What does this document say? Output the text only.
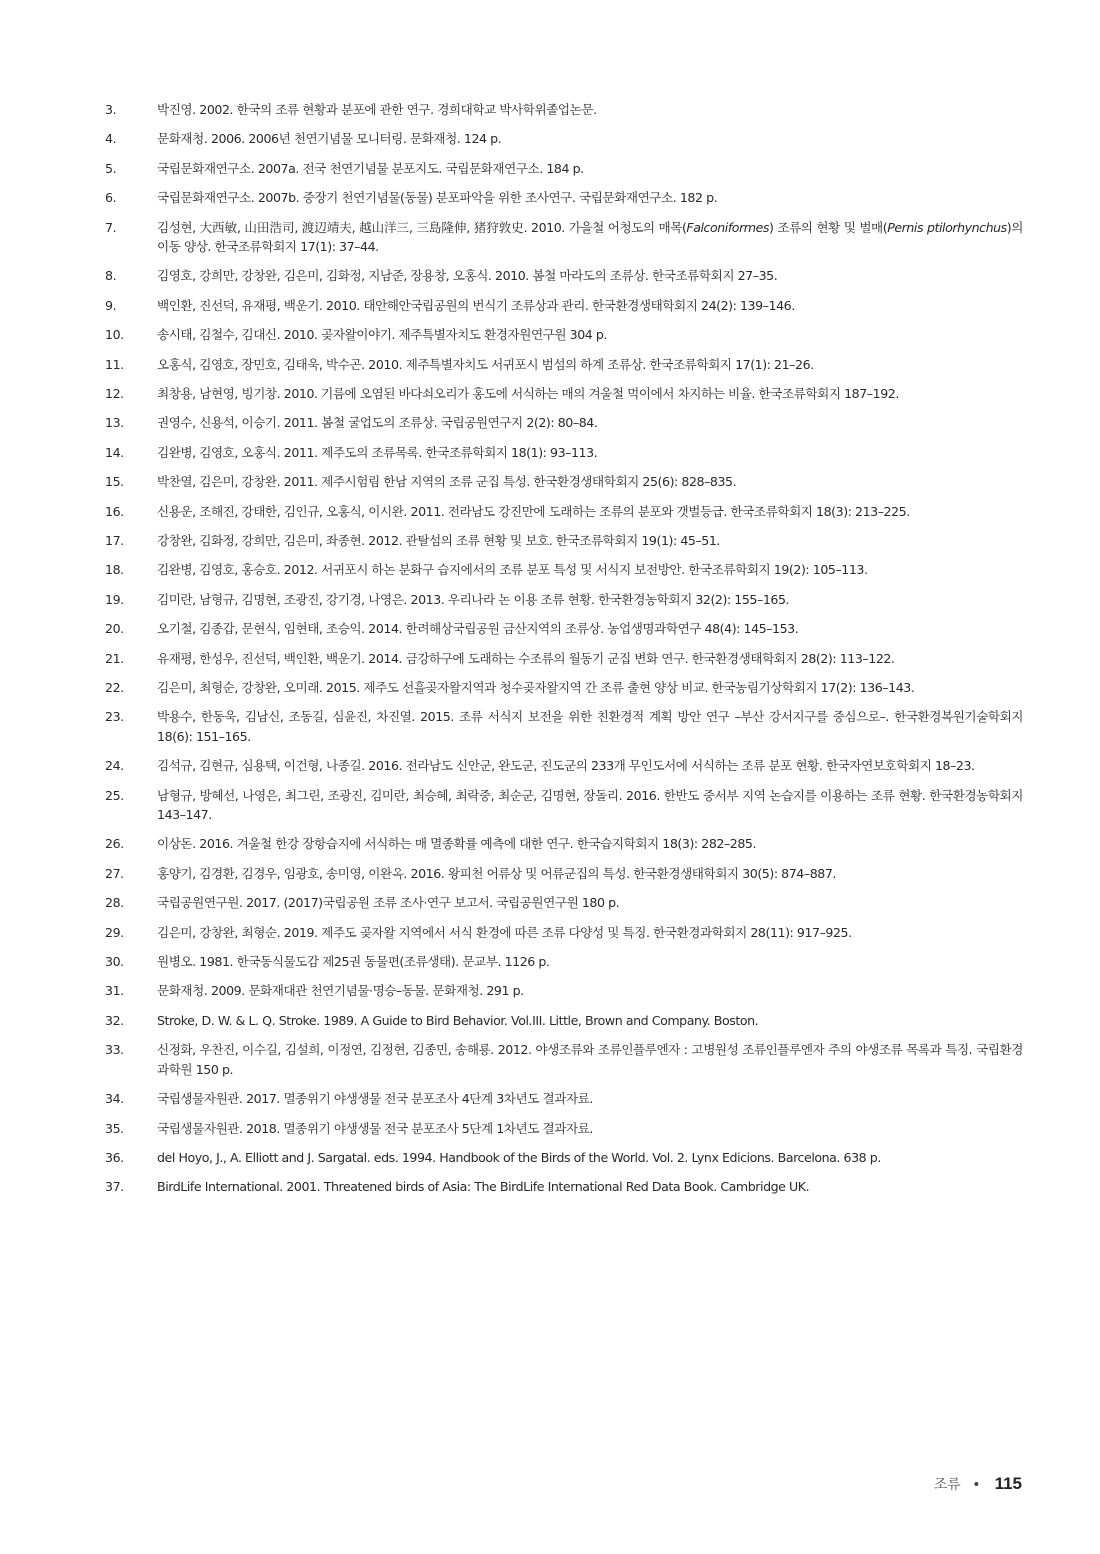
3.	박진영. 2002. 한국의 조류 현황과 분포에 관한 연구. 경희대학교 박사학위졸업논문.
4.	문화재청. 2006. 2006년 천연기념물 모니터링. 문화재청. 124 p.
5.	국립문화재연구소. 2007a. 전국 천연기념물 분포지도. 국립문화재연구소. 184 p.
6.	국립문화재연구소. 2007b. 중장기 천연기념물(동물) 분포파악을 위한 조사연구. 국립문화재연구소. 182 p.
7.	김성현, 大西敏, 山田浩司, 渡辺靖夫, 越山洋三, 三島隆伸, 猪狩敦史. 2010. 가을철 어청도의 매목(Falconiformes) 조류의 현황 및 벌매(Pernis ptilorhynchus)의 이동 양상. 한국조류학회지 17(1): 37–44.
8.	김영호, 강희만, 강창완, 김은미, 김화정, 지남준, 장용창, 오홍식. 2010. 봄철 마라도의 조류상. 한국조류학회지 27–35.
9.	백인환, 진선덕, 유재평, 백운기. 2010. 태안해안국립공원의 번식기 조류상과 관리. 한국환경생태학회지 24(2): 139–146.
10.	송시태, 김철수, 김대신. 2010. 곶자왈이야기. 제주특별자치도 환경자원연구원 304 p.
11.	오홍식, 김영호, 장민호, 김태욱, 박수곤. 2010. 제주특별자치도 서귀포시 범섬의 하계 조류상. 한국조류학회지 17(1): 21–26.
12.	최창용, 남현영, 빙기창. 2010. 기름에 오염된 바다쇠오리가 홍도에 서식하는 매의 겨울철 먹이에서 차지하는 비율. 한국조류학회지 187–192.
13.	권영수, 신용석, 이승기. 2011. 봄철 굴업도의 조류상. 국립공원연구지 2(2): 80–84.
14.	김완병, 김영호, 오홍식. 2011. 제주도의 조류목록. 한국조류학회지 18(1): 93–113.
15.	박찬열, 김은미, 강창완. 2011. 제주시험림 한남 지역의 조류 군집 특성. 한국환경생태학회지 25(6): 828–835.
16.	신용운, 조해진, 강태한, 김인규, 오홍식, 이시완. 2011. 전라남도 강진만에 도래하는 조류의 분포와 갯벌등급. 한국조류학회지 18(3): 213–225.
17.	강창완, 김화정, 강희만, 김은미, 좌종현. 2012. 관탈섬의 조류 현황 및 보호. 한국조류학회지 19(1): 45–51.
18.	김완병, 김영호, 홍승호. 2012. 서귀포시 하논 분화구 습지에서의 조류 분포 특성 및 서식지 보전방안. 한국조류학회지 19(2): 105–113.
19.	김미란, 남형규, 김명현, 조광진, 강기경, 나영은. 2013. 우리나라 논 이용 조류 현황. 한국환경농학회지 32(2): 155–165.
20.	오기철, 김종갑, 문현식, 임현태, 조승익. 2014. 한려해상국립공원 금산지역의 조류상. 농업생명과학연구 48(4): 145–153.
21.	유재평, 한성우, 진선덕, 백인환, 백운기. 2014. 금강하구에 도래하는 수조류의 월동기 군집 변화 연구. 한국환경생태학회지 28(2): 113–122.
22.	김은미, 최형순, 강창완, 오미래. 2015. 제주도 선흘곶자왈지역과 청수곶자왈지역 간 조류 출현 양상 비교. 한국농림기상학회지 17(2): 136–143.
23.	박용수, 한동욱, 김남신, 조동길, 심윤진, 차진열. 2015. 조류 서식지 보전을 위한 친환경적 계획 방안 연구 –부산 강서지구를 중심으로–. 한국환경복원기술학회지 18(6): 151–165.
24.	김석규, 김현규, 심용택, 이건형, 나종길. 2016. 전라남도 신안군, 완도군, 진도군의 233개 무인도서에 서식하는 조류 분포 현황. 한국자연보호학회지 18–23.
25.	남형규, 방혜선, 나영은, 최그린, 조광진, 김미란, 최승혜, 최락중, 최순군, 김명현, 장돌리. 2016. 한반도 중서부 지역 논습지를 이용하는 조류 현황. 한국환경농학회지 143–147.
26.	이상돈. 2016. 겨울철 한강 장항습지에 서식하는 매 멸종확률 예측에 대한 연구. 한국습지학회지 18(3): 282–285.
27.	홍양기, 김경환, 김경우, 임광호, 송미영, 이완옥. 2016. 왕피천 어류상 및 어류군집의 특성. 한국환경생태학회지 30(5): 874–887.
28.	국립공원연구원. 2017. (2017)국립공원 조류 조사·연구 보고서. 국립공원연구원 180 p.
29.	김은미, 강창완, 최형순. 2019. 제주도 곶자왈 지역에서 서식 환경에 따른 조류 다양성 및 특징. 한국환경과학회지 28(11): 917–925.
30.	원병오. 1981. 한국동식물도감 제25권 동물편(조류생태). 문교부. 1126 p.
31.	문화재청. 2009. 문화재대관 천연기념물·명승–동물. 문화재청. 291 p.
32.	Stroke, D. W. & L. Q. Stroke. 1989. A Guide to Bird Behavior. Vol.III. Little, Brown and Company. Boston.
33.	신정화, 우찬진, 이수길, 김설희, 이정연, 김정현, 김종민, 송해룡. 2012. 야생조류와 조류인플루엔자 : 고병원성 조류인플루엔자 주의 야생조류 목록과 특징. 국립환경과학원 150 p.
34.	국립생물자원관. 2017. 멸종위기 야생생물 전국 분포조사 4단계 3차년도 결과자료.
35.	국립생물자원관. 2018. 멸종위기 야생생물 전국 분포조사 5단계 1차년도 결과자료.
36.	del Hoyo, J., A. Elliott and J. Sargatal. eds. 1994. Handbook of the Birds of the World. Vol. 2. Lynx Edicions. Barcelona. 638 p.
37.	BirdLife International. 2001. Threatened birds of Asia: The BirdLife International Red Data Book. Cambridge UK.
조류 • 115
